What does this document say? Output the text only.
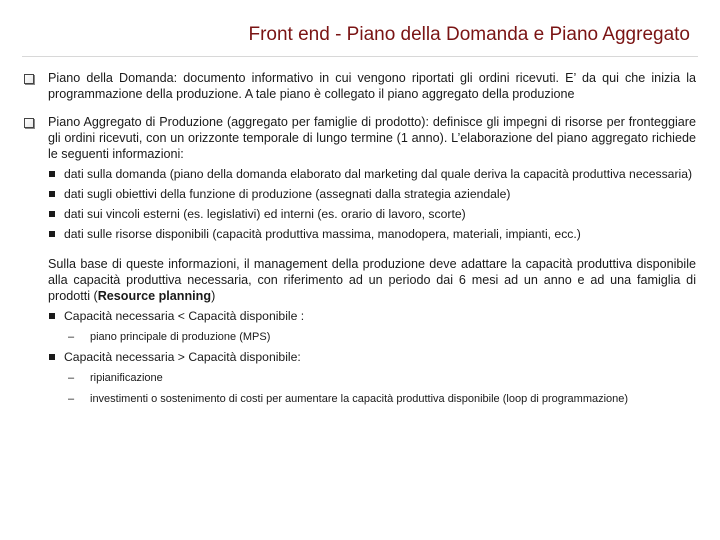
Front end - Piano della Domanda e Piano Aggregato
Piano della Domanda: documento informativo in cui vengono riportati gli ordini ricevuti. E’ da qui che inizia la programmazione della produzione. A tale piano è collegato il piano aggregato della produzione
Piano Aggregato di Produzione (aggregato per famiglie di prodotto): definisce gli impegni di risorse per fronteggiare gli ordini ricevuti, con un orizzonte temporale di lungo termine (1 anno). L’elaborazione del piano aggregato richiede le seguenti informazioni:
dati sulla domanda (piano della domanda elaborato dal marketing dal quale deriva la capacità produttiva necessaria)
dati sugli obiettivi della funzione di produzione (assegnati dalla strategia aziendale)
dati sui vincoli esterni (es. legislativi) ed interni (es. orario di lavoro, scorte)
dati sulle risorse disponibili (capacità produttiva massima, manodopera, materiali, impianti, ecc.)
Sulla base di queste informazioni, il management della produzione deve adattare la capacità produttiva disponibile alla capacità produttiva necessaria, con riferimento ad un periodo dai 6 mesi ad un anno e ad una famiglia di prodotti (Resource planning)
Capacità necessaria < Capacità disponibile :
–	piano principale di produzione (MPS)
Capacità necessaria > Capacità disponibile:
–	ripianificazione
–	investimenti o sostenimento di costi per aumentare la capacità produttiva disponibile (loop di programmazione)
